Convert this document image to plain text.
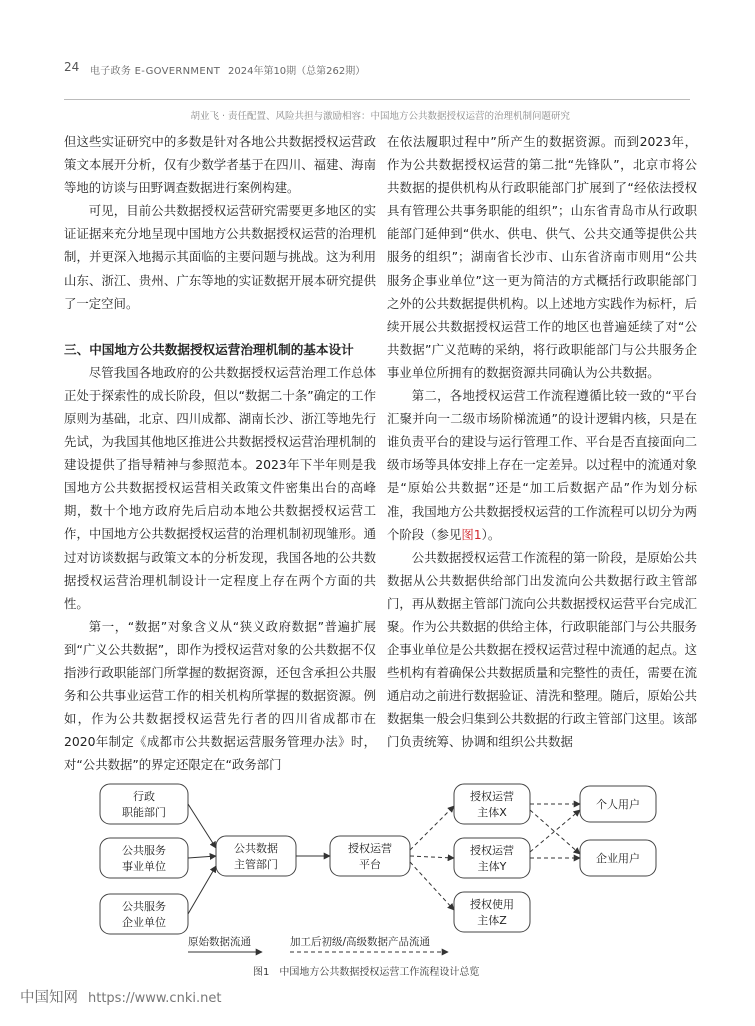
24 电子政务 E-GOVERNMENT 2024年第10期（总第262期）
胡业飞 · 责任配置、风险共担与激励相容：中国地方公共数据授权运营的治理机制问题研究

但这些实证研究中的多数是针对各地公共数据授权运营政策文本展开分析，仅有少数学者基于在四川、福建、海南等地的访谈与田野调查数据进行案例构建。

可见，目前公共数据授权运营研究需要更多地区的实证证据来充分地呈现中国地方公共数据授权运营的治理机制，并更深入地揭示其面临的主要问题与挑战。这为利用山东、浙江、贵州、广东等地的实证数据开展本研究提供了一定空间。

三、中国地方公共数据授权运营治理机制的基本设计

尽管我国各地政府的公共数据授权运营治理工作总体正处于探索性的成长阶段，但以“数据二十条”确定的工作原则为基础，北京、四川成都、湖南长沙、浙江等地先行先试，为我国其他地区推进公共数据授权运营治理机制的建设提供了指导精神与参照范本。2023年下半年则是我国地方公共数据授权运营相关政策文件密集出台的高峰期，数十个地方政府先后启动本地公共数据授权运营工作，中国地方公共数据授权运营的治理机制初现雏形。通过对访谈数据与政策文本的分析发现，我国各地的公共数据授权运营治理机制设计一定程度上存在两个方面的共性。

第一，“数据”对象含义从“狭义政府数据”普遍扩展到“广义公共数据”，即作为授权运营对象的公共数据不仅指涉行政职能部门所掌握的数据资源，还包含承担公共服务和公共事业运营工作的相关机构所掌握的数据资源。例如，作为公共数据授权运营先行者的四川省成都市在2020年制定《成都市公共数据运营服务管理办法》时，对“公共数据”的界定还限定在“政务部门

在依法履职过程中”所产生的数据资源。而到2023年，作为公共数据授权运营的第二批“先锋队”，北京市将公共数据的提供机构从行政职能部门扩展到了“经依法授权具有管理公共事务职能的组织”；山东省青岛市从行政职能部门延伸到“供水、供电、供气、公共交通等提供公共服务的组织”；湖南省长沙市、山东省济南市则用“公共服务企事业单位”这一更为简洁的方式概括行政职能部门之外的公共数据提供机构。以上述地方实践作为标杆，后续开展公共数据授权运营工作的地区也普遍延续了对“公共数据”广义范畴的采纳，将行政职能部门与公共服务企事业单位所拥有的数据资源共同确认为公共数据。

第二，各地授权运营工作流程遵循比较一致的“平台汇聚并向一二级市场阶梯流通”的设计逻辑内核，只是在谁负责平台的建设与运行管理工作、平台是否直接面向二级市场等具体安排上存在一定差异。以过程中的流通对象是“原始公共数据”还是“加工后数据产品”作为划分标准，我国地方公共数据授权运营的工作流程可以切分为两个阶段（参见图1）。

公共数据授权运营工作流程的第一阶段，是原始公共数据从公共数据供给部门出发流向公共数据行政主管部门，再从数据主管部门流向公共数据授权运营平台完成汇聚。作为公共数据的供给主体，行政职能部门与公共服务企事业单位是公共数据在授权运营过程中流通的起点。这些机构有着确保公共数据质量和完整性的责任，需要在流通启动之前进行数据验证、清洗和整理。随后，原始公共数据集一般会归集到公共数据的行政主管部门这里。该部门负责统筹、协调和组织公共数据

行政职能部门
公共服务事业单位
公共服务企业单位
公共数据主管部门
授权运营平台
授权运营主体X
授权运营主体Y
授权使用主体Z
个人用户
企业用户
原始数据流通	加工后初级/高级数据产品流通
图1　中国地方公共数据授权运营工作流程设计总览
中国知网 https://www.cnki.net
